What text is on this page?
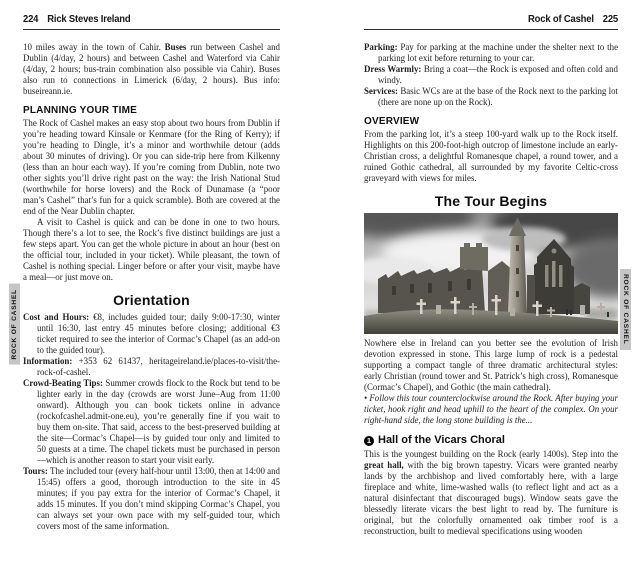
224 Rick Steves Ireland
10 miles away in the town of Cahir. Buses run between Cashel and Dublin (4/day, 2 hours) and between Cashel and Waterford via Cahir (4/day, 2 hours; bus-train combination also possible via Cahir). Buses also run to connections in Limerick (6/day, 2 hours). Bus info: buseireann.ie.
PLANNING YOUR TIME
The Rock of Cashel makes an easy stop about two hours from Dublin if you’re heading toward Kinsale or Kenmare (for the Ring of Kerry); if you’re heading to Dingle, it’s a minor and worthwhile detour (adds about 30 minutes of driving). Or you can side-trip here from Kilkenny (less than an hour each way). If you’re coming from Dublin, note two other sights you’ll drive right past on the way: the Irish National Stud (worthwhile for horse lovers) and the Rock of Dunamase (a “poor man’s Cashel” that’s fun for a quick scramble). Both are covered at the end of the Near Dublin chapter.
A visit to Cashel is quick and can be done in one to two hours. Though there’s a lot to see, the Rock’s five distinct buildings are just a few steps apart. You can get the whole picture in about an hour (best on the official tour, included in your ticket). While pleasant, the town of Cashel is nothing special. Linger before or after your visit, maybe have a meal—or just move on.
Orientation
Cost and Hours: €8, includes guided tour; daily 9:00-17:30, winter until 16:30, last entry 45 minutes before closing; additional €3 ticket required to see the interior of Cormac’s Chapel (as an add-on to the guided tour).
Information: +353 62 61437, heritageireland.ie/places-to-visit/the-rock-of-cashel.
Crowd-Beating Tips: Summer crowds flock to the Rock but tend to be lighter early in the day (crowds are worst June–Aug from 11:00 onward). Although you can book tickets online in advance (rockofcashel.admit-one.eu), you’re generally fine if you wait to buy them on-site. That said, access to the best-preserved building at the site—Cormac’s Chapel—is by guided tour only and limited to 50 guests at a time. The chapel tickets must be purchased in person—which is another reason to start your visit early.
Tours: The included tour (every half-hour until 13:00, then at 14:00 and 15:45) offers a good, thorough introduction to the site in 45 minutes; if you pay extra for the interior of Cormac’s Chapel, it adds 15 minutes. If you don’t mind skipping Cormac’s Chapel, you can always set your own pace with my self-guided tour, which covers most of the same information.
Rock of Cashel 225
Parking: Pay for parking at the machine under the shelter next to the parking lot exit before returning to your car.
Dress Warmly: Bring a coat—the Rock is exposed and often cold and windy.
Services: Basic WCs are at the base of the Rock next to the parking lot (there are none up on the Rock).
OVERVIEW
From the parking lot, it’s a steep 100-yard walk up to the Rock itself. Highlights on this 200-foot-high outcrop of limestone include an early-Christian cross, a delightful Romanesque chapel, a round tower, and a ruined Gothic cathedral, all surrounded by my favorite Celtic-cross graveyard with views for miles.
The Tour Begins
Nowhere else in Ireland can you better see the evolution of Irish devotion expressed in stone. This large lump of rock is a pedestal supporting a compact tangle of three dramatic architectural styles: early Christian (round tower and St. Patrick’s high cross), Romanesque (Cormac’s Chapel), and Gothic (the main cathedral).
• Follow this tour counterclockwise around the Rock. After buying your ticket, hook right and head uphill to the heart of the complex. On your right-hand side, the long stone building is the...
1 Hall of the Vicars Choral
This is the youngest building on the Rock (early 1400s). Step into the great hall, with the big brown tapestry. Vicars were granted nearby lands by the archbishop and lived comfortably here, with a large fireplace and white, lime-washed walls (to reflect light and act as a natural disinfectant that discouraged bugs). Window seats gave the blessedly literate vicars the best light to read by. The furniture is original, but the colorfully ornamented oak timber roof is a reconstruction, built to medieval specifications using wooden
ROCK OF CASHEL	ROCK OF CASHEL
